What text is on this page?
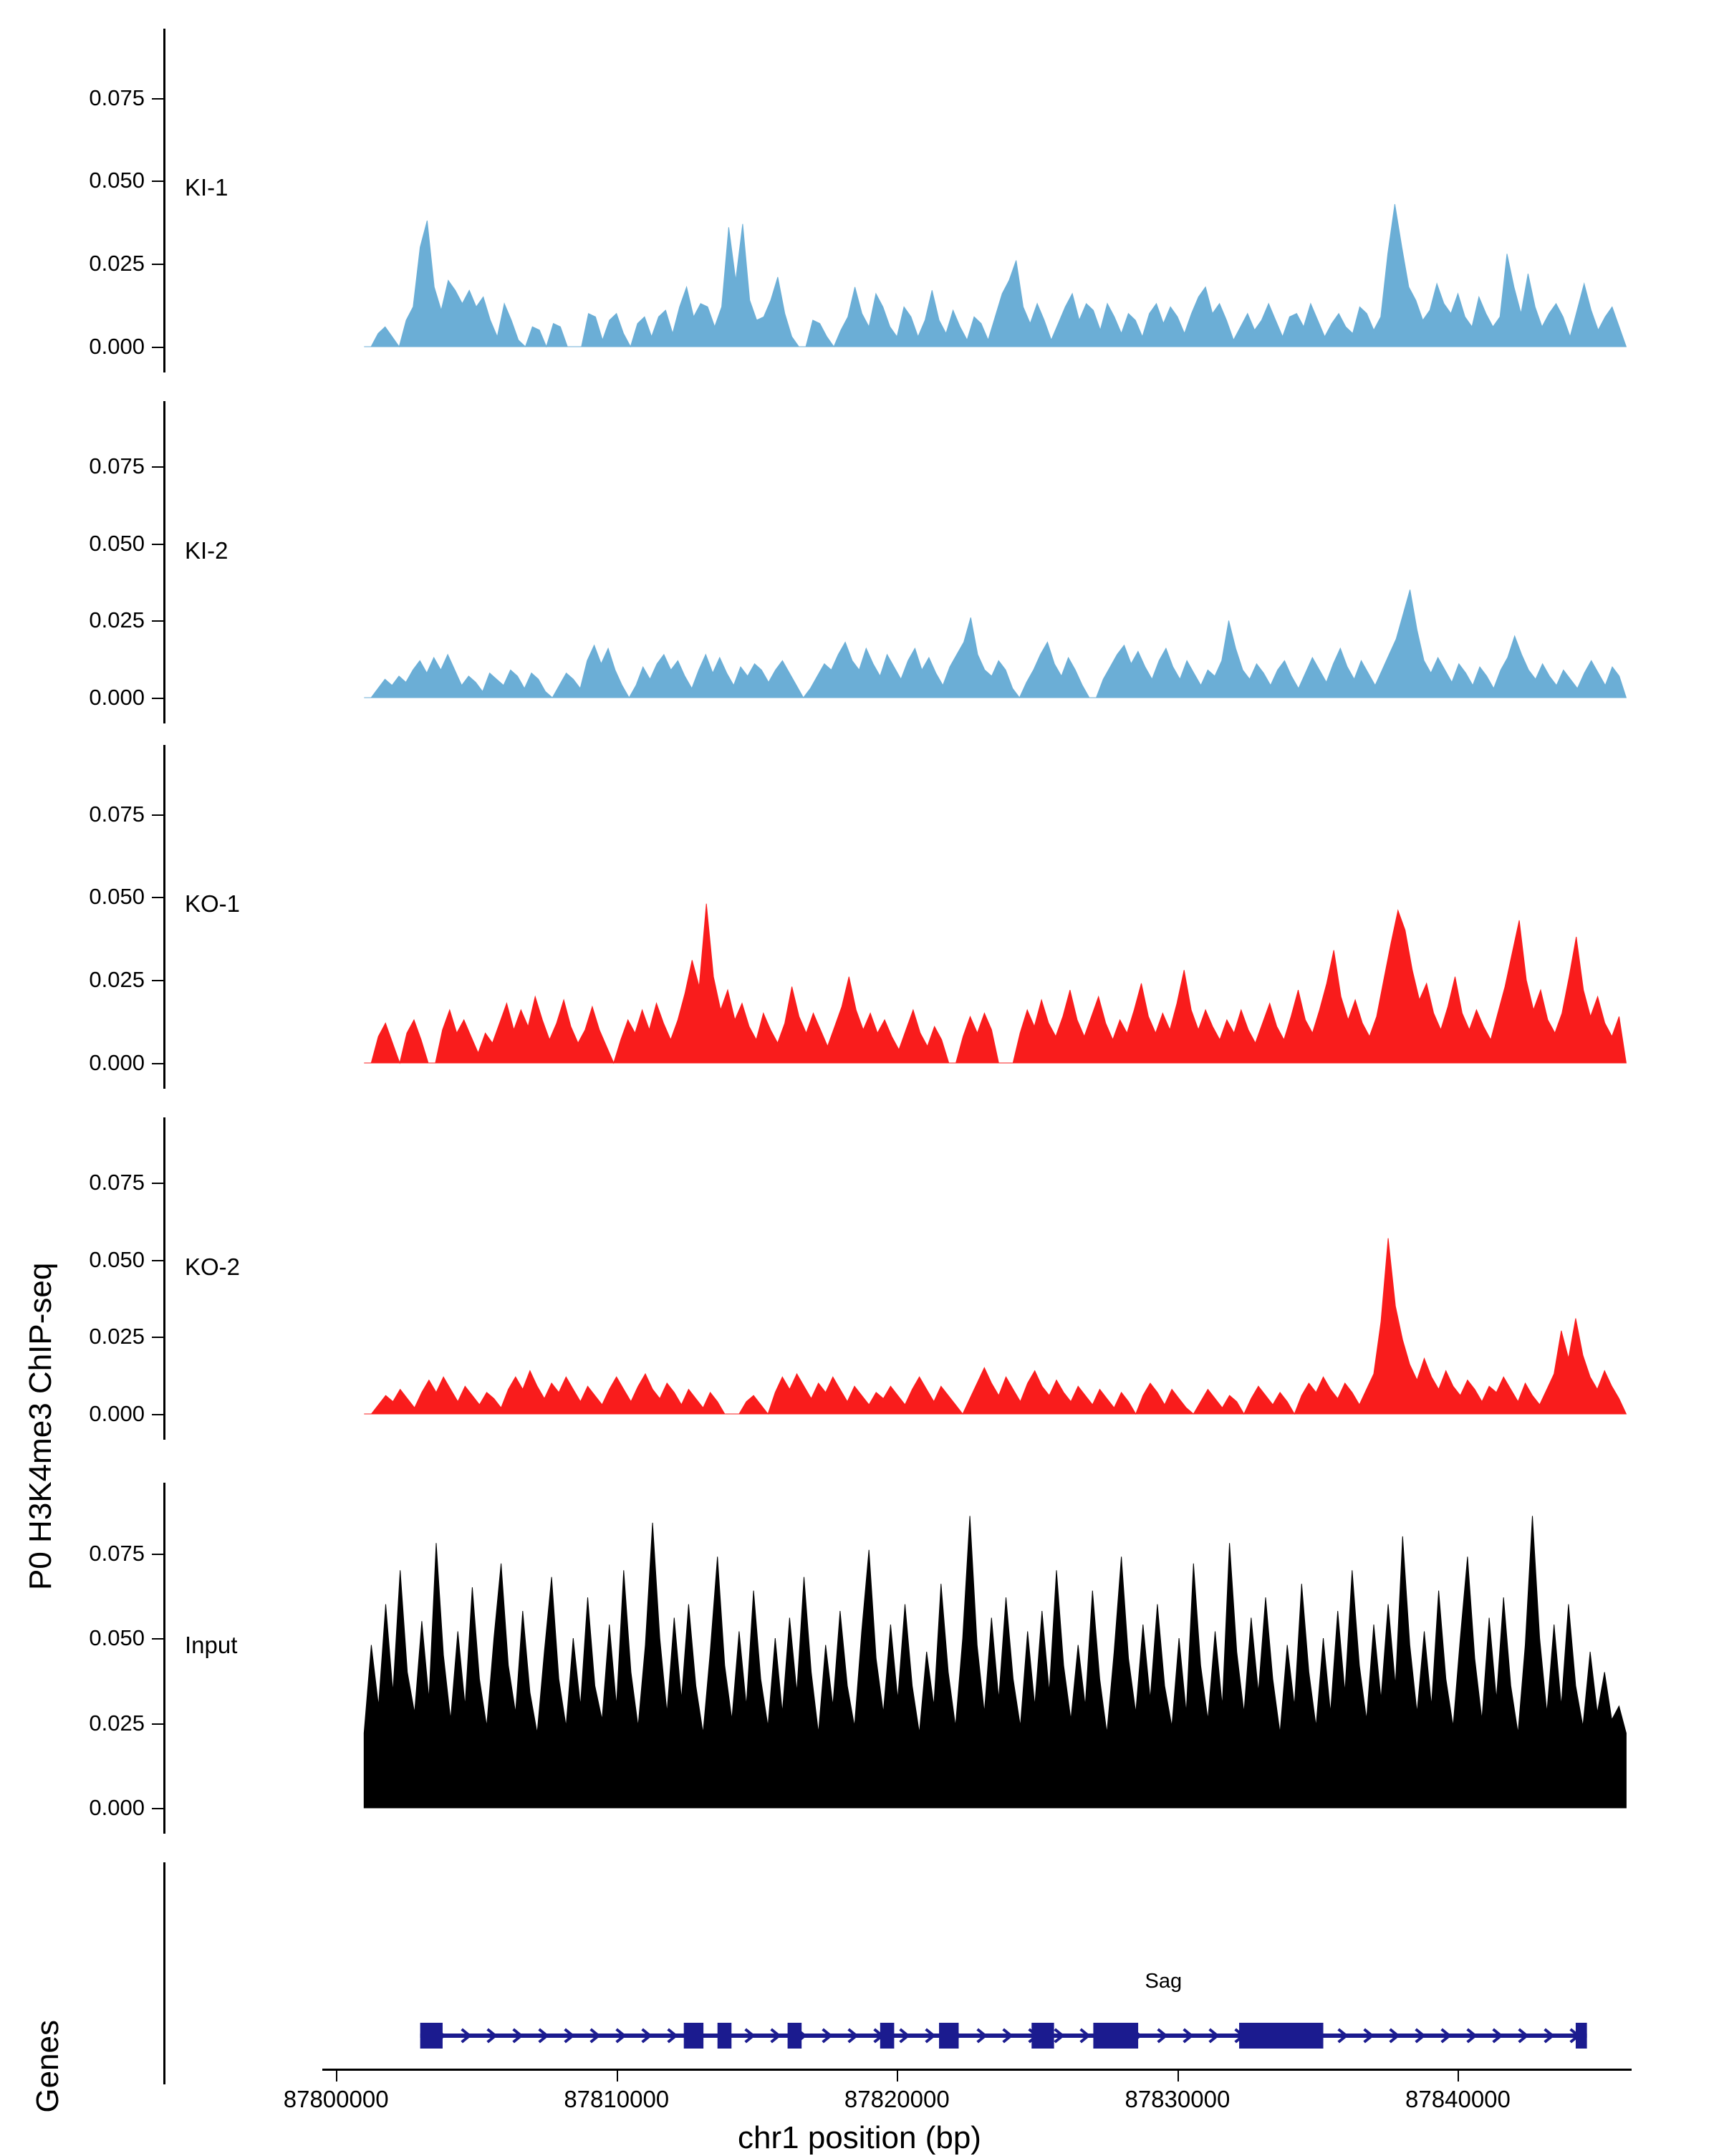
P0 H3K4me3 ChIP-seq
Genes
0.000
0.025
0.050
0.075
KI-1
0.000
0.025
0.050
0.075
KI-2
0.000
0.025
0.050
0.075
KO-1
0.000
0.025
0.050
0.075
KO-2
0.000
0.025
0.050
0.075
Input
Sag
87800000	87810000	87820000	87830000	87840000
chr1 position (bp)
